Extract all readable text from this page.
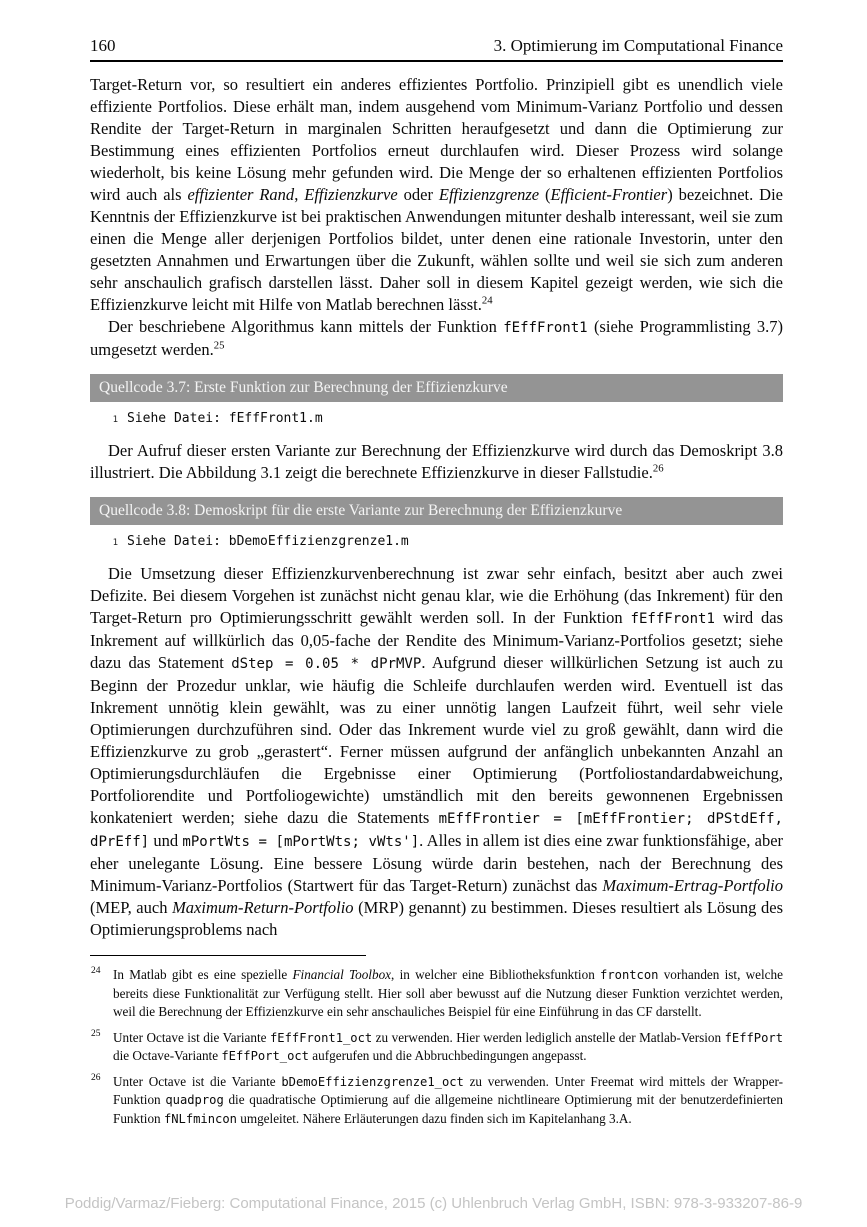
160	3. Optimierung im Computational Finance

Target-Return vor, so resultiert ein anderes effizientes Portfolio. Prinzipiell gibt es unendlich viele effiziente Portfolios. Diese erhält man, indem ausgehend vom Minimum-Varianz Portfolio und dessen Rendite der Target-Return in marginalen Schritten heraufgesetzt und dann die Optimierung zur Bestimmung eines effizienten Portfolios erneut durchlaufen wird. Dieser Prozess wird solange wiederholt, bis keine Lösung mehr gefunden wird. Die Menge der so erhaltenen effizienten Portfolios wird auch als effizienter Rand, Effizienzkurve oder Effizienzgrenze (Efficient-Frontier) bezeichnet. Die Kenntnis der Effizienzkurve ist bei praktischen Anwendungen mitunter deshalb interessant, weil sie zum einen die Menge aller derjenigen Portfolios bildet, unter denen eine rationale Investorin, unter den gesetzten Annahmen und Erwartungen über die Zukunft, wählen sollte und weil sie sich zum anderen sehr anschaulich grafisch darstellen lässt. Daher soll in diesem Kapitel gezeigt werden, wie sich die Effizienzkurve leicht mit Hilfe von Matlab berechnen lässt.$^{24}$

Der beschriebene Algorithmus kann mittels der Funktion fEffFront1 (siehe Programmlisting 3.7) umgesetzt werden.$^{25}$

Quellcode 3.7: Erste Funktion zur Berechnung der Effizienzkurve
1 Siehe Datei: fEffFront1.m

Der Aufruf dieser ersten Variante zur Berechnung der Effizienzkurve wird durch das Demoskript 3.8 illustriert. Die Abbildung 3.1 zeigt die berechnete Effizienzkurve in dieser Fallstudie.$^{26}$

Quellcode 3.8: Demoskript für die erste Variante zur Berechnung der Effizienzkurve
1 Siehe Datei: bDemoEffizienzgrenze1.m

Die Umsetzung dieser Effizienzkurvenberechnung ist zwar sehr einfach, besitzt aber auch zwei Defizite. Bei diesem Vorgehen ist zunächst nicht genau klar, wie die Erhöhung (das Inkrement) für den Target-Return pro Optimierungsschritt gewählt werden soll. In der Funktion fEffFront1 wird das Inkrement auf willkürlich das 0,05-fache der Rendite des Minimum-Varianz-Portfolios gesetzt; siehe dazu das Statement dStep = 0.05 * dPrMVP. Aufgrund dieser willkürlichen Setzung ist auch zu Beginn der Prozedur unklar, wie häufig die Schleife durchlaufen werden wird. Eventuell ist das Inkrement unnötig klein gewählt, was zu einer unnötig langen Laufzeit führt, weil sehr viele Optimierungen durchzuführen sind. Oder das Inkrement wurde viel zu groß gewählt, dann wird die Effizienzkurve zu grob „gerastert“. Ferner müssen aufgrund der anfänglich unbekannten Anzahl an Optimierungsdurchläufen die Ergebnisse einer Optimierung (Portfoliostandardabweichung, Portfoliorendite und Portfoliogewichte) umständlich mit den bereits gewonnenen Ergebnissen konkateniert werden; siehe dazu die Statements mEffFrontier = [mEffFrontier; dPStdEff, dPrEff] und mPortWts = [mPortWts; vWts']. Alles in allem ist dies eine zwar funktionsfähige, aber eher unelegante Lösung. Eine bessere Lösung würde darin bestehen, nach der Berechnung des Minimum-Varianz-Portfolios (Startwert für das Target-Return) zunächst das Maximum-Ertrag-Portfolio (MEP, auch Maximum-Return-Portfolio (MRP) genannt) zu bestimmen. Dieses resultiert als Lösung des Optimierungsproblems nach

24 In Matlab gibt es eine spezielle Financial Toolbox, in welcher eine Bibliotheksfunktion frontcon vorhanden ist, welche bereits diese Funktionalität zur Verfügung stellt. Hier soll aber bewusst auf die Nutzung dieser Funktion verzichtet werden, weil die Berechnung der Effizienzkurve ein sehr anschauliches Beispiel für eine Einführung in das CF darstellt.
25 Unter Octave ist die Variante fEffFront1_oct zu verwenden. Hier werden lediglich anstelle der Matlab-Version fEffPort die Octave-Variante fEffPort_oct aufgerufen und die Abbruchbedingungen angepasst.
26 Unter Octave ist die Variante bDemoEffizienzgrenze1_oct zu verwenden. Unter Freemat wird mittels der Wrapper-Funktion quadprog die quadratische Optimierung auf die allgemeine nichtlineare Optimierung mit der benutzerdefinierten Funktion fNLfmincon umgeleitet. Nähere Erläuterungen dazu finden sich im Kapitelanhang 3.A.
Poddig/Varmaz/Fieberg: Computational Finance, 2015 (c) Uhlenbruch Verlag GmbH, ISBN: 978-3-933207-86-9
